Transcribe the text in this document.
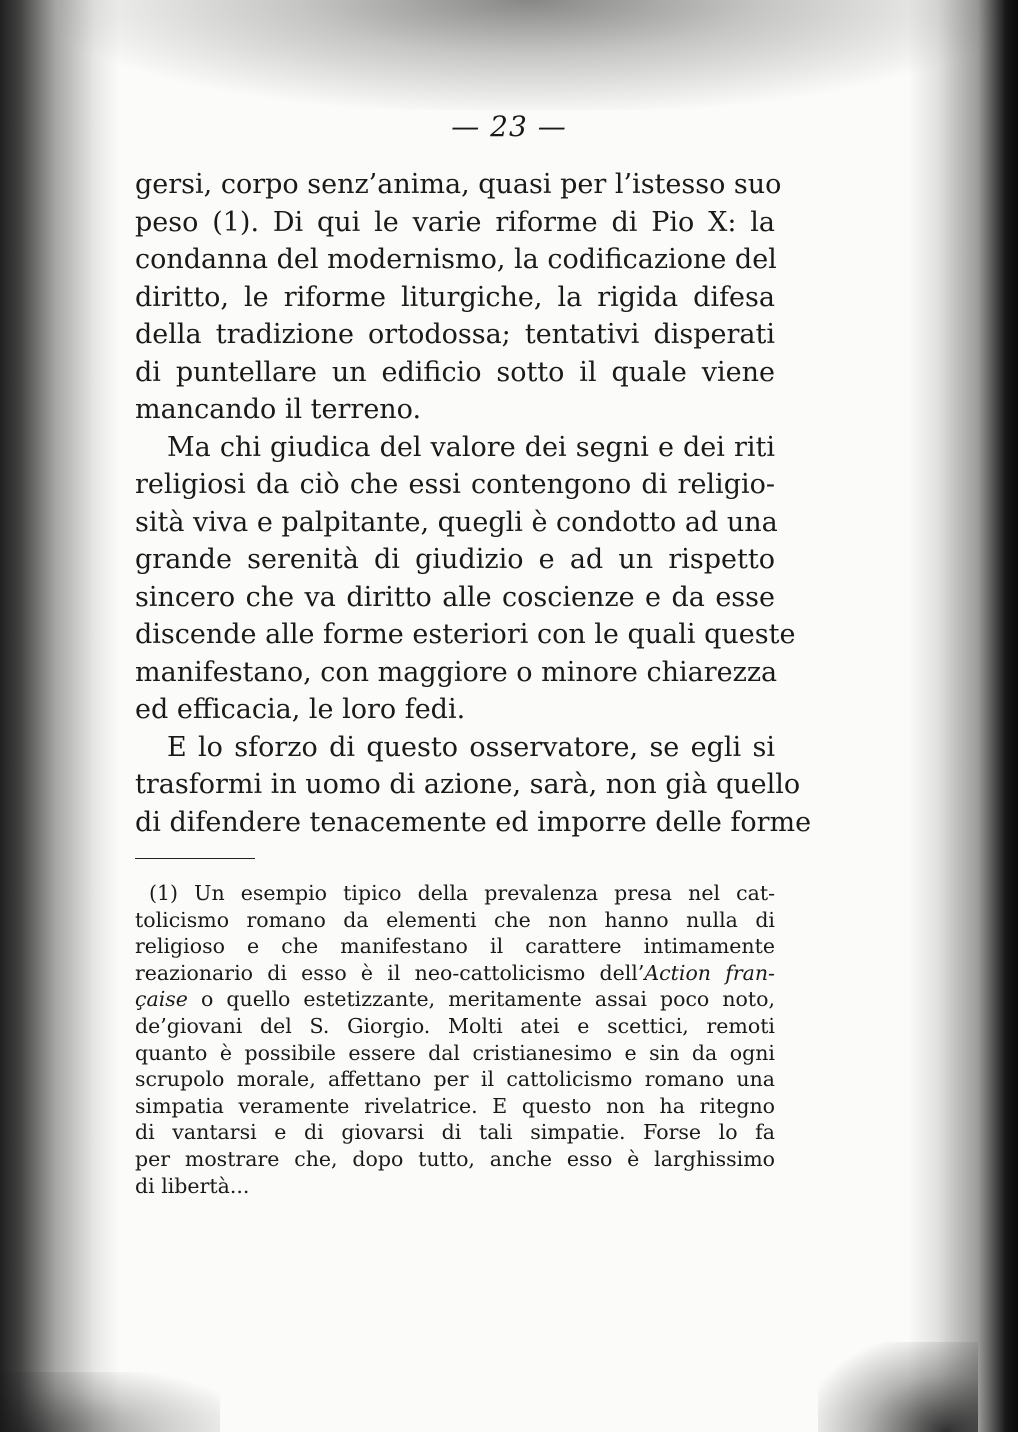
— 23 —
gersi, corpo senz’anima, quasi per l’istesso suo
peso (1). Di qui le varie riforme di Pio X: la
condanna del modernismo, la codificazione del
diritto, le riforme liturgiche, la rigida difesa
della tradizione ortodossa; tentativi disperati
di puntellare un edificio sotto il quale viene
mancando il terreno.
Ma chi giudica del valore dei segni e dei riti
religiosi da ciò che essi contengono di religio-
sità viva e palpitante, quegli è condotto ad una
grande serenità di giudizio e ad un rispetto
sincero che va diritto alle coscienze e da esse
discende alle forme esteriori con le quali queste
manifestano, con maggiore o minore chiarezza
ed efficacia, le loro fedi.
E lo sforzo di questo osservatore, se egli si
trasformi in uomo di azione, sarà, non già quello
di difendere tenacemente ed imporre delle forme
(1) Un esempio tipico della prevalenza presa nel cat-
tolicismo romano da elementi che non hanno nulla di
religioso e che manifestano il carattere intimamente
reazionario di esso è il neo-cattolicismo dell’Action fran-
çaise o quello estetizzante, meritamente assai poco noto,
de’giovani del S. Giorgio. Molti atei e scettici, remoti
quanto è possibile essere dal cristianesimo e sin da ogni
scrupolo morale, affettano per il cattolicismo romano una
simpatia veramente rivelatrice. E questo non ha ritegno
di vantarsi e di giovarsi di tali simpatie. Forse lo fa
per mostrare che, dopo tutto, anche esso è larghissimo
di libertà...
